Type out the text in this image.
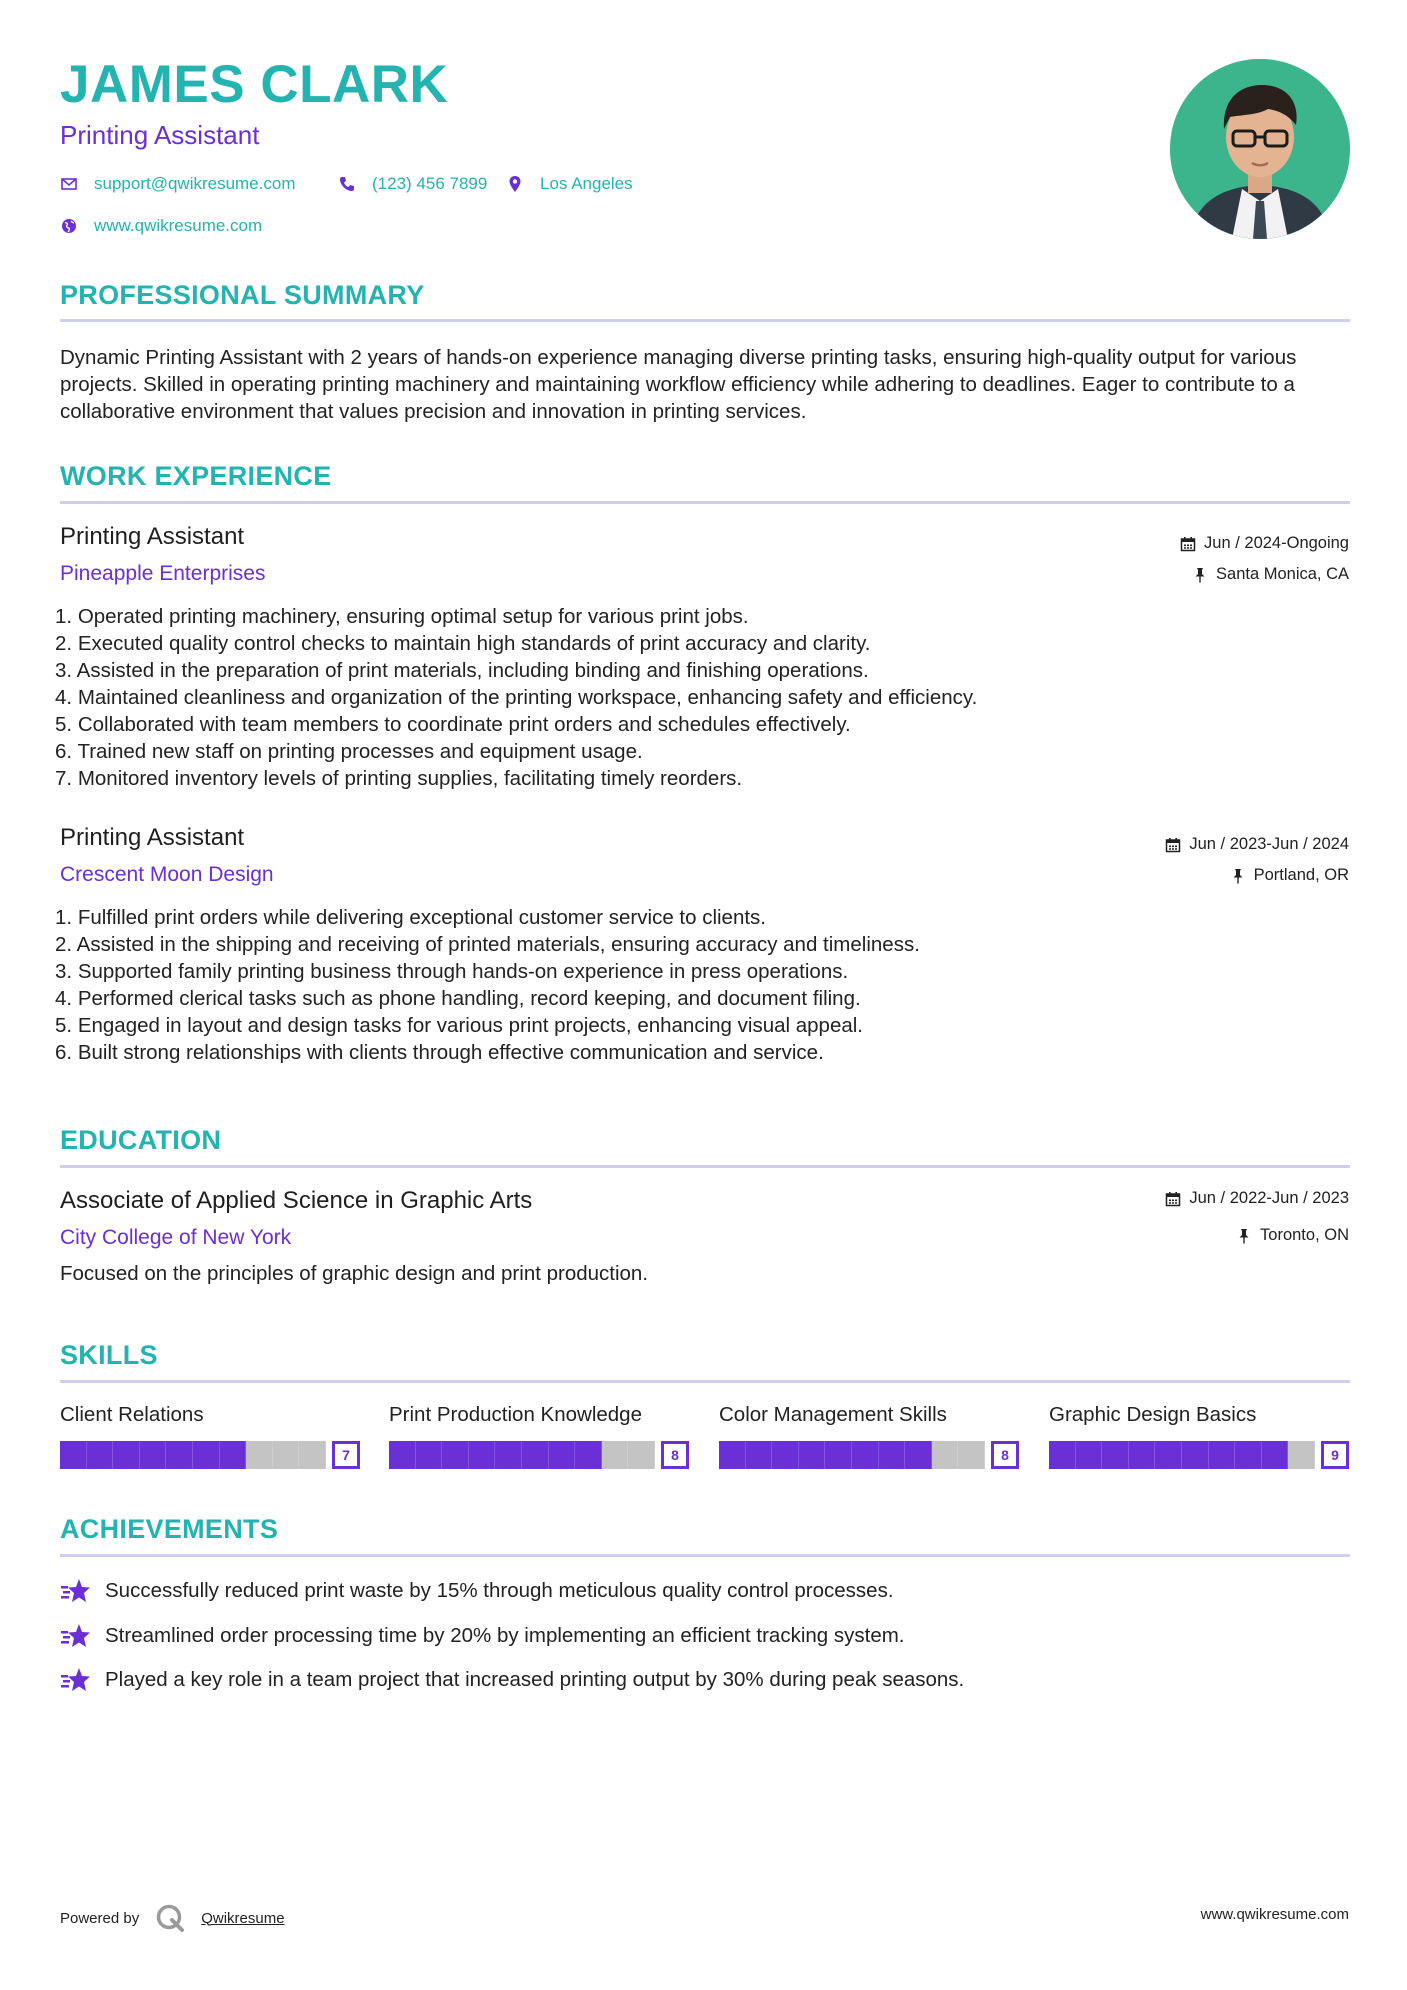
JAMES CLARK
Printing Assistant
support@qwikresume.com	(123) 456 7899	Los Angeles
www.qwikresume.com
PROFESSIONAL SUMMARY
Dynamic Printing Assistant with 2 years of hands-on experience managing diverse printing tasks, ensuring high-quality output for various projects. Skilled in operating printing machinery and maintaining workflow efficiency while adhering to deadlines. Eager to contribute to a collaborative environment that values precision and innovation in printing services.
WORK EXPERIENCE
Printing Assistant
Pineapple Enterprises
Jun / 2024-Ongoing
Santa Monica, CA
Operated printing machinery, ensuring optimal setup for various print jobs.
Executed quality control checks to maintain high standards of print accuracy and clarity.
Assisted in the preparation of print materials, including binding and finishing operations.
Maintained cleanliness and organization of the printing workspace, enhancing safety and efficiency.
Collaborated with team members to coordinate print orders and schedules effectively.
Trained new staff on printing processes and equipment usage.
Monitored inventory levels of printing supplies, facilitating timely reorders.
Printing Assistant
Crescent Moon Design
Jun / 2023-Jun / 2024
Portland, OR
Fulfilled print orders while delivering exceptional customer service to clients.
Assisted in the shipping and receiving of printed materials, ensuring accuracy and timeliness.
Supported family printing business through hands-on experience in press operations.
Performed clerical tasks such as phone handling, record keeping, and document filing.
Engaged in layout and design tasks for various print projects, enhancing visual appeal.
Built strong relationships with clients through effective communication and service.
EDUCATION
Associate of Applied Science in Graphic Arts
City College of New York
Jun / 2022-Jun / 2023
Toronto, ON
Focused on the principles of graphic design and print production.
SKILLS
Client Relations
7
Print Production Knowledge
8
Color Management Skills
8
Graphic Design Basics
9
ACHIEVEMENTS
Successfully reduced print waste by 15% through meticulous quality control processes.
Streamlined order processing time by 20% by implementing an efficient tracking system.
Played a key role in a team project that increased printing output by 30% during peak seasons.
Powered by	Qwikresume	www.qwikresume.com
